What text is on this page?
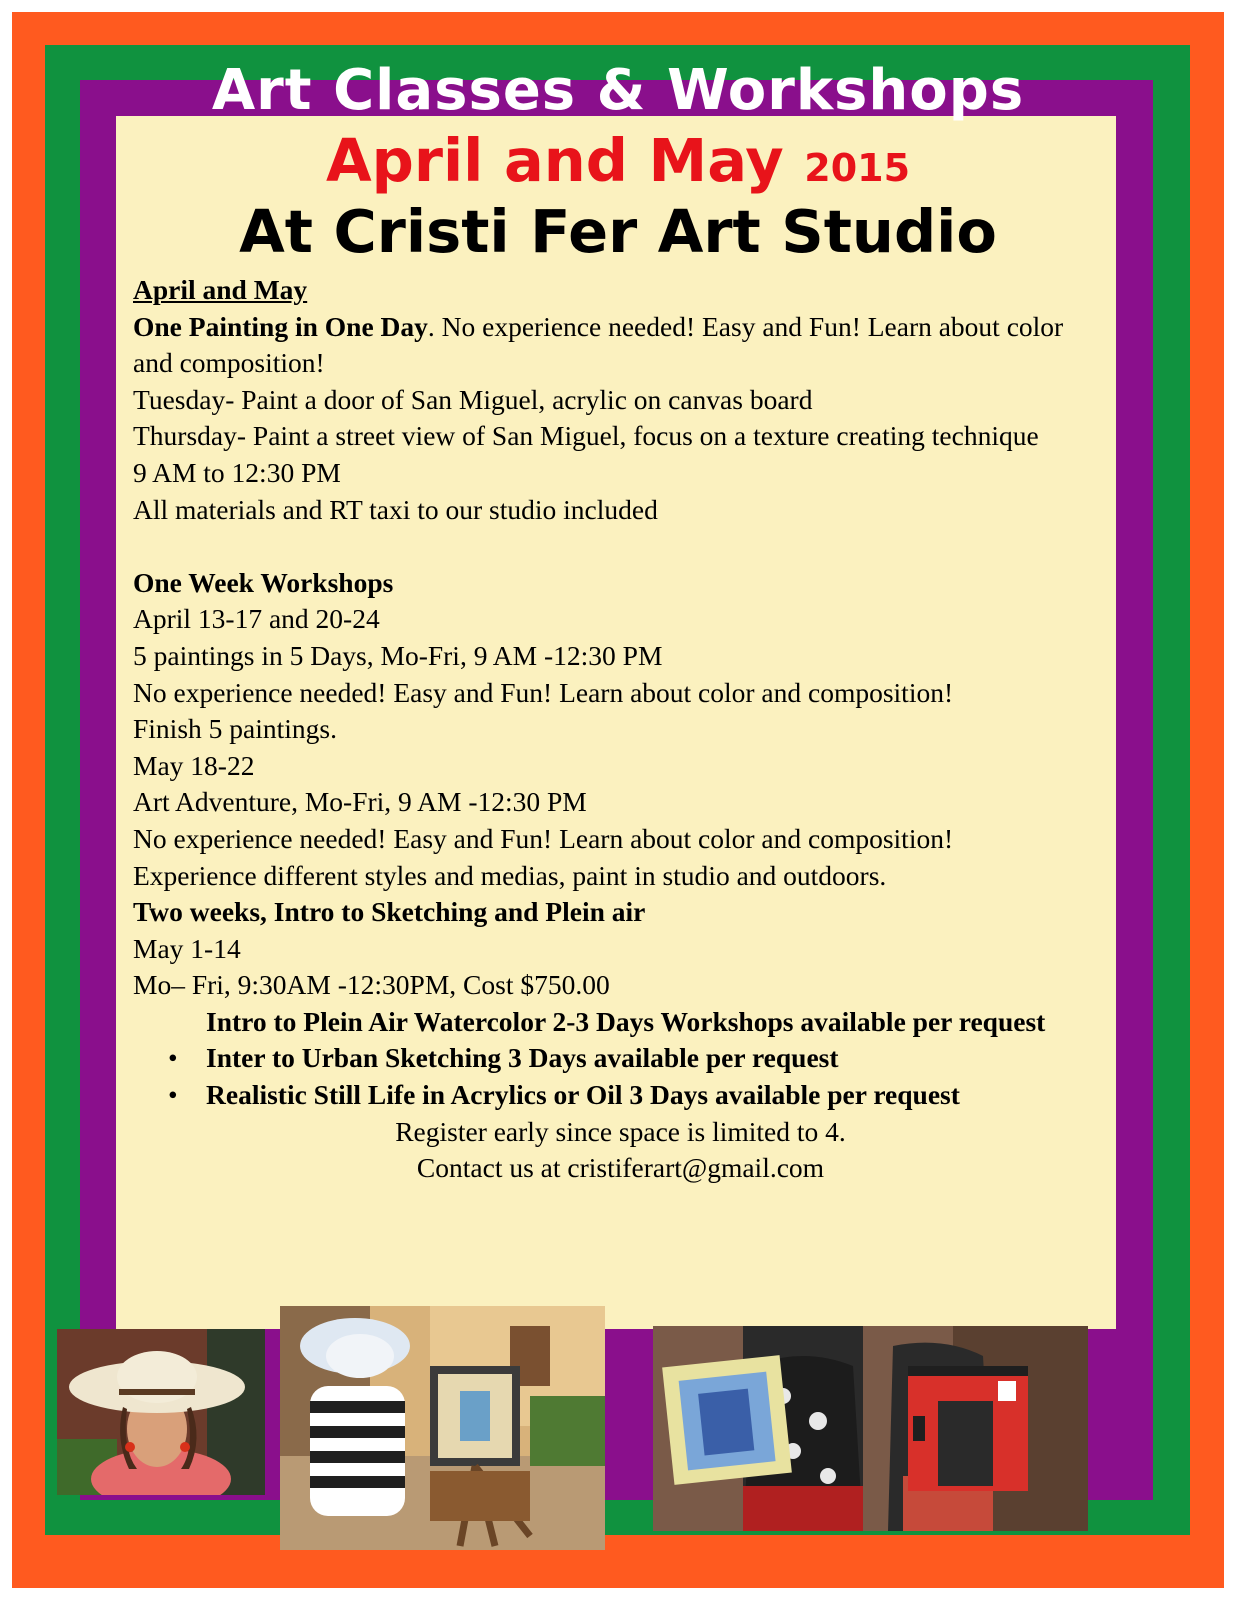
Art Classes & Workshops
April and May 2015
At Cristi Fer Art Studio

April and May

One Painting in One Day. No experience needed! Easy and Fun! Learn about color and composition!

Tuesday- Paint a door of San Miguel, acrylic on canvas board

Thursday- Paint a street view of San Miguel, focus on a texture creating technique

9 AM to 12:30 PM

All materials and RT taxi to our studio included

One Week Workshops

April 13-17 and 20-24

5 paintings in 5 Days, Mo-Fri, 9 AM -12:30 PM

No experience needed! Easy and Fun! Learn about color and composition!

Finish 5 paintings.

May 18-22

Art Adventure, Mo-Fri, 9 AM -12:30 PM

No experience needed! Easy and Fun! Learn about color and composition!

Experience different styles and medias, paint in studio and outdoors.

Two weeks, Intro to Sketching and Plein air

May 1-14

Mo– Fri, 9:30AM -12:30PM, Cost $750.00

Intro to Plein Air Watercolor 2-3 Days Workshops available per request

• Inter to Urban Sketching 3 Days available per request
• Realistic Still Life in Acrylics or Oil 3 Days available per request

Register early since space is limited to 4.

Contact us at cristiferart@gmail.com
